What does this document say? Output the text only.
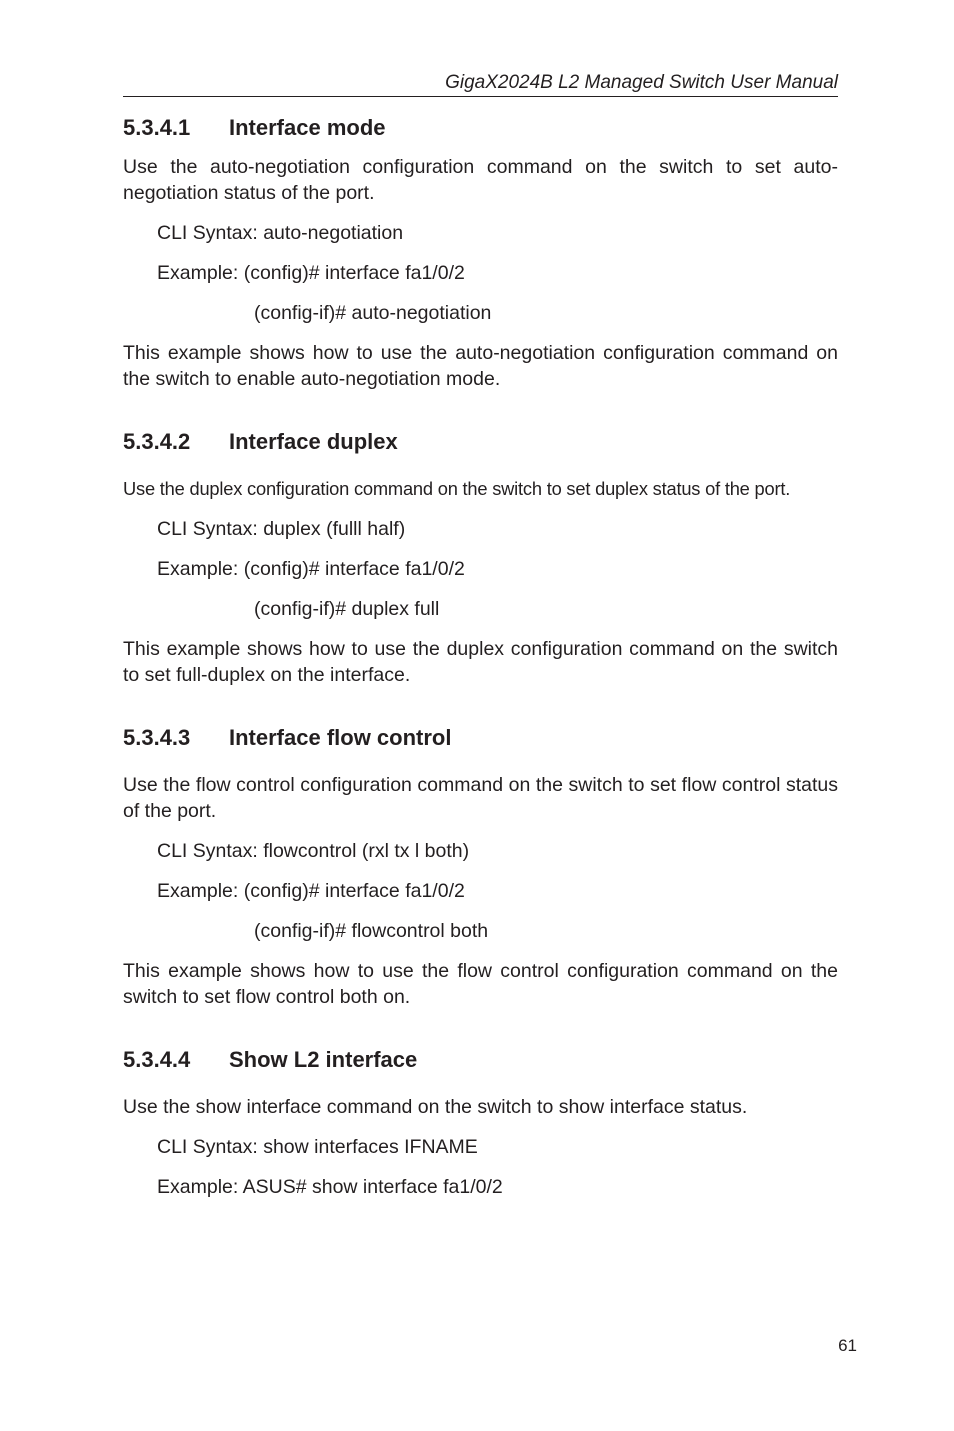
GigaX2024B L2 Managed Switch User Manual
5.3.4.1	Interface mode

Use the auto-negotiation configuration command on the switch to set auto-negotiation status of the port.

CLI Syntax: auto-negotiation

Example: (config)# interface fa1/0/2

(config-if)# auto-negotiation

This example shows how to use the auto-negotiation configuration command on the switch to enable auto-negotiation mode.

5.3.4.2	Interface duplex

Use the duplex configuration command on the switch to set duplex status of the port.

CLI Syntax: duplex (fulll half)

Example: (config)# interface fa1/0/2

(config-if)# duplex full

This example shows how to use the duplex configuration command on the switch to set full-duplex on the interface.

5.3.4.3	Interface flow control

Use the flow control configuration command on the switch to set flow control status of the port.

CLI Syntax: flowcontrol (rxl tx l both)

Example: (config)# interface fa1/0/2

(config-if)# flowcontrol both

This example shows how to use the flow control configuration command on the switch to set flow control both on.

5.3.4.4	Show L2 interface

Use the show interface command on the switch to show interface status.

CLI Syntax: show interfaces IFNAME

Example: ASUS# show interface fa1/0/2

61
